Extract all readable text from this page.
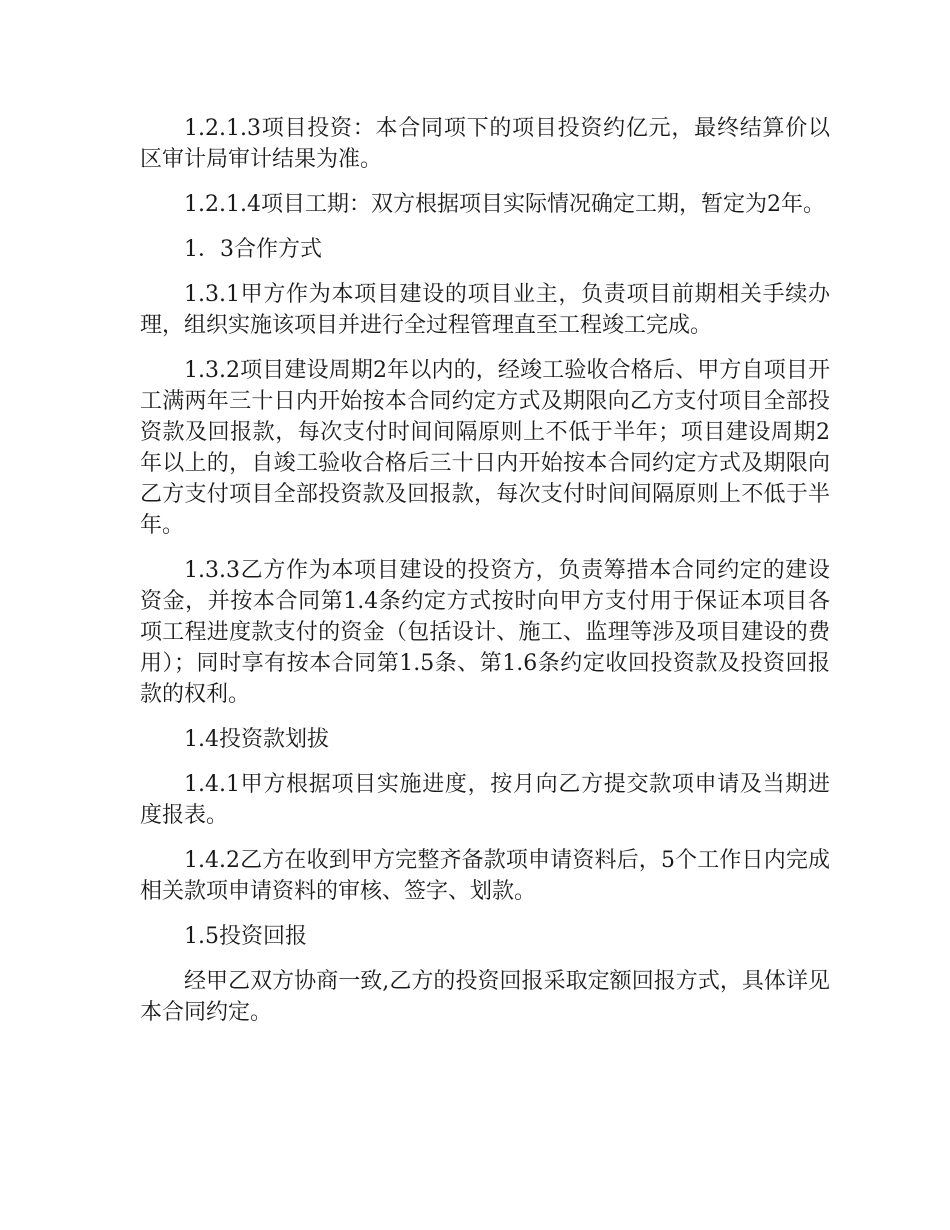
1.2.1.3项目投资：本合同项下的项目投资约亿元，最终结算价以区审计局审计结果为准。

1.2.1.4项目工期：双方根据项目实际情况确定工期，暂定为2年。

1．3合作方式

1.3.1甲方作为本项目建设的项目业主，负责项目前期相关手续办理，组织实施该项目并进行全过程管理直至工程竣工完成。

1.3.2项目建设周期2年以内的，经竣工验收合格后、甲方自项目开工满两年三十日内开始按本合同约定方式及期限向乙方支付项目全部投资款及回报款，每次支付时间间隔原则上不低于半年；项目建设周期2年以上的，自竣工验收合格后三十日内开始按本合同约定方式及期限向乙方支付项目全部投资款及回报款，每次支付时间间隔原则上不低于半年。

1.3.3乙方作为本项目建设的投资方，负责筹措本合同约定的建设资金，并按本合同第1.4条约定方式按时向甲方支付用于保证本项目各项工程进度款支付的资金（包括设计、施工、监理等涉及项目建设的费用）；同时享有按本合同第1.5条、第1.6条约定收回投资款及投资回报款的权利。

1.4投资款划拔

1.4.1甲方根据项目实施进度，按月向乙方提交款项申请及当期进度报表。

1.4.2乙方在收到甲方完整齐备款项申请资料后，5个工作日内完成相关款项申请资料的审核、签字、划款。

1.5投资回报

经甲乙双方协商一致,乙方的投资回报采取定额回报方式，具体详见本合同约定。
